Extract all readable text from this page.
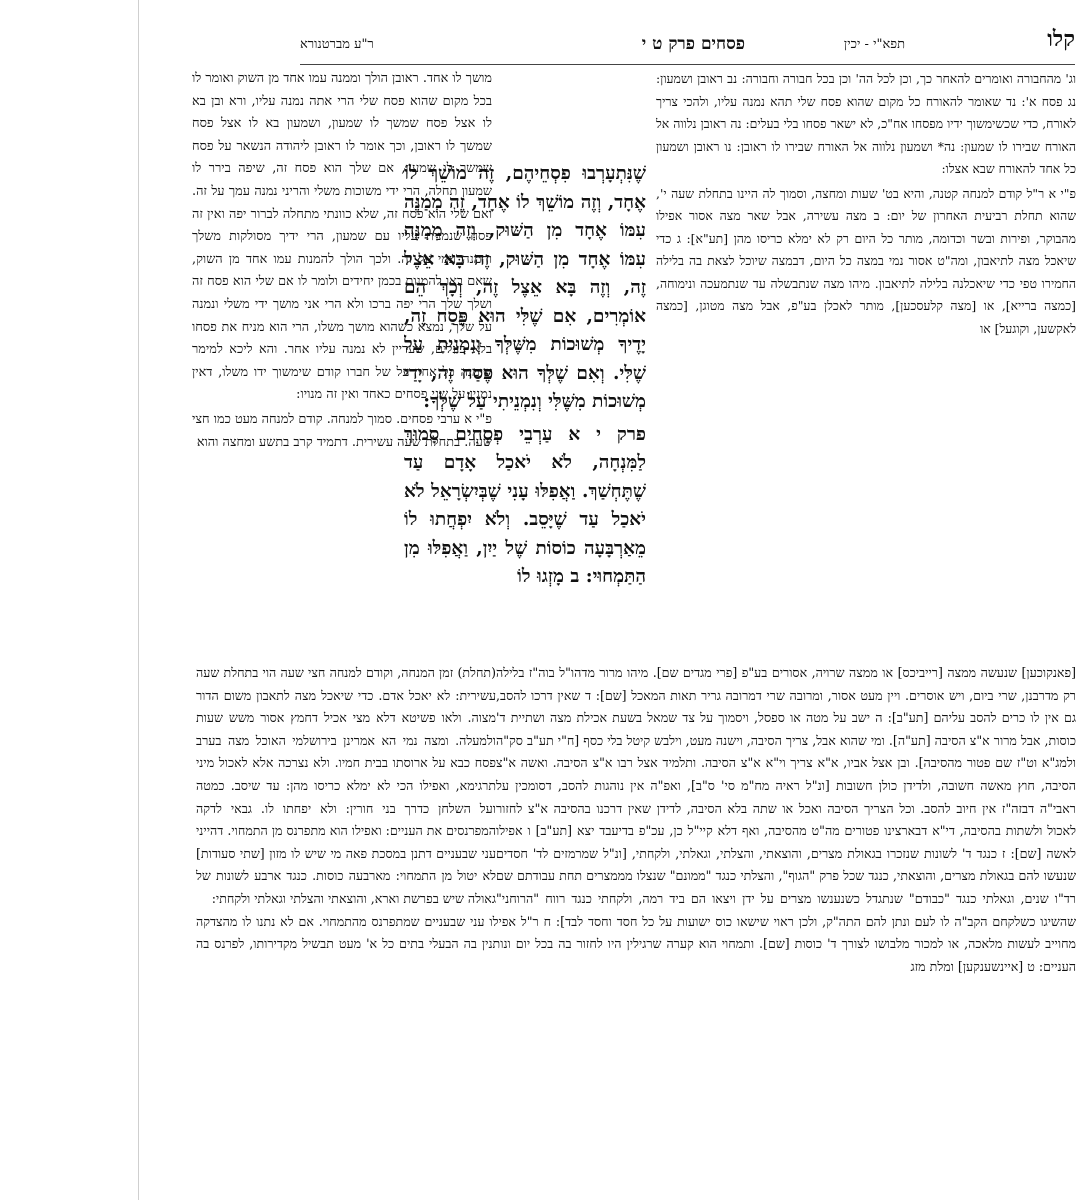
קלו
תפא"י - יכין
פסחים פרק ט י
ר"ע מברטנורא

וג' מהחבורה ואומרים להאחר כך, וכן לכל הה' וכן בכל חבורה וחבורה: נב ראובן ושמעון: נג פסח א': נד שאומר להאורח כל מקום שהוא פסח שלי תהא נמנה עליו, ולהכי צריך לאורח, כדי שכשימשוך ידיו מפסחו אח"כ, לא ישאר פסחו בלי בעלים: נה ראובן נלווה אל האורח שבירו לו שמעון: נה* ושמעון נלווה אל האורח שבירו לו ראובן: נו ראובן ושמעון כל אחד להאורח שבא אצלו:

פ"י א ר"ל קודם למנחה קטנה, והיא בט' שעות ומחצה, וסמוך לה היינו בתחלת שעה י', שהוא תחלת רביעית האחרון של יום: ב מצה עשירה, אבל שאר מצה אסור אפילו מהבוקר, ופירות ובשר וכדומה, מותר כל היום רק לא ימלא כריסו מהן [תע"א]: ג כדי שיאכל מצה לתיאבון, ומה"ט אסור נמי במצה כל היום, דבמצה שיוכל לצאת בה בלילה החמירו טפי כדי שיאכלנה בלילה לתיאבון. מיהו מצה שנתבשלה עד שנתמעכה ונימוחה, [כמצה ברייא], או [מצה קלעסכען], מותר לאכלן בע"פ, אבל מצה מטוגן, [כמצה לאקשען, וקוגעל] או

שֶׁנִּתְעָרְבוּ פִסְחֵיהֶם, זֶה מוֹשֵׁךְ לוֹ אֶחָד, וְזֶה מוֹשֵׁךְ לוֹ אֶחָד, זֶה מְמַנֶּה עִמּוֹ אֶחָד מִן הַשּׁוּק, וְזֶה מְמַנֶּה עִמּוֹ אֶחָד מִן הַשּׁוּק, זֶה בָּא אֵצֶל זֶה, וְזֶה בָּא אֵצֶל זֶה, וְכָךְ הֵם אוֹמְרִים, אִם שֶׁלִּי הוּא פֶּסַח זֶה, יָדֶיךָ מְשׁוּכוֹת מִשֶּׁלְּךָ וְנִמְנֵיתָ עַל שֶׁלִּי. וְאִם שֶׁלְּךָ הוּא פֶּסַח זֶה, יָדַי מְשׁוּכוֹת מִשֶּׁלִּי וְנִמְנֵיתִי עַל שֶׁלְּךָ:

פרק י א עַרְבֵי פְסָחִים סָמוּךְ לַמִּנְחָה, לֹא יֹאכַל אָדָם עַד שֶׁתֶּחְשַׁךְ. וַאֲפִלּוּ עָנִי שֶׁבְּיִשְׂרָאֵל לֹא יֹאכַל עַד שֶׁיָּסֵב. וְלֹא יִפְחֲתוּ לוֹ מֵאַרְבָּעָה כוֹסוֹת שֶׁל יַיִן, וַאֲפִלּוּ מִן הַתַּמְחוּי: ב מָזְגוּ לוֹ

מושך לו אחד. ראובן הולך וממנה עמו אחד מן השוק ואומר לו בכל מקום שהוא פסח שלי הרי אתה נמנה עליו, ורא ובן בא לו אצל פסח שמשך לו שמעון, ושמעון בא לו אצל פסח שמשך לו ראובן, וכך אומר לו ראובן ליהודה הנשאר על פסח שמשך לו שמעון, אם שלך הוא פסח זה, שיפה בירר לו שמעון תחלה, הרי ידי משוכות משלי והריני נמנה עמך על זה. ואם שלי הוא פסח זה, שלא כוונתי מתחלה לברור יפה ואין זה פסח שנמנית עליו עם שמעון, הרי ידיך מסולקות משלך והמנה עמי על זה. ולכך הולך להמנות עמו אחד מן השוק, שאם באו להמנות בכמן יחידים ולומר לו אם שלי הוא פסח זה ושלך שלך הרי יפה ברכו ולא הרי אני מושך ידי משלי ונמנה על שלך, נמצא כשהוא מושך משלו, הרי הוא מניח את פסחו בלא בעלים, שעדיין לא נמנה עליו אחר. והא ליכא למימר שימנה כל אחד על של חברו קודם שימשוך ידו משלו, דאין נמנין על שני פסחים כאחד ואין זה מנויו:

פ"י א ערבי פסחים. סמוך למנחה. קודם למנחה מעט כמו חצי שעה. בתחלת שעה עשירית. דתמיד קרב בתשע ומחצה והוא

(תחלת) זמן המנחה, וקודם למנחה חצי שעה הוי בתחלת שעה עשירית: לא יאכל אדם. כדי שיאכל מצה לתאבון משום הדור מצוה. ולאו פשיטא דלא מצי אכיל דחמץ אסור משש שעות ולמעלה. ומצה נמי הא אמרינן בירושלמי האוכל מצה בערב פסח כבא על ארוסתו בבית חמיו. ולא נצרכה אלא לאכול מיני תרגימא, ואפילו הכי לא ימלא כריסו מהן: עד שיסב. כמטה ועל השלחן כדרך בני חורין: ולא יפחתו לו. גבאי לדקה המפרנסים את העניים: ואפילו הוא מתפרנס מן התמחוי. דהייני עני שבעניים דתנן במסכת פאה מי שיש לו מזון [שתי סעודות] לא יטול מן התמחוי: מארבעה כוסות. כנגד ארבע לשונות של גאולה שיש בפרשת וארא, והוצאתי והצלתי וגאלתי ולקחתי:

[פאנקוכען] שנעשה ממצה [רייביכס] או ממצה שרויה, אסורים בע"פ [פרי מגדים שם]. מיהו מרור מדהו"ל בוה"ז בלילה רק מדרבנן, שרי ביום, ויש אוסרים. ויין מעט אסור, ומרובה שרי דמרובה גריר תאות המאכל [שם]: ד שאין דרכו להסב, גם אין לו כרים להסב עליהם [תע"ב]: ה ישב על מטה או ספסל, ויסמוך על צד שמאל בשעת אכילת מצה ושתיית ד' כוסות, אבל מרור א"צ הסיבה [תע"ה]. ומי שהוא אבל, צריך הסיבה, וישנה מעט, וילבש קיטל בלי כסף [ח"י תע"ב סק"ה ולמג"א וט"ז שם פטור מהסיבה]. ובן אצל אביו, א"א צריך וי"א א"צ הסיבה. ותלמיד אצל רבו א"צ הסיבה. ואשה א"צ הסיבה, חוץ מאשה חשובה, ולדידן כולן חשובות [ונ"ל ראיה מח"מ סי' ס"ב], ואפ"ה אין נוהגות להסב, דסומכין על ראבי"ה דבזה"ז אין חיוב להסב. וכל הצריך הסיבה ואכל או שתה בלא הסיבה, לדידן שאין דרכנו בהסיבה א"צ לחזור לאכול ולשתות בהסיבה, די"א דבארצינו פטורים מה"ט מהסיבה, ואף דלא קיי"ל כן, עכ"פ בדיעבד יצא [תע"ב] ו אפילו לאשה [שם]: ז כנגד ד' לשונות שנזכרו בגאולת מצרים, והוצאתי, והצלתי, וגאלתי, ולקחתי, [ונ"ל שמרמזים לד' חסדים שנעשו להם בגאולת מצרים, והוצאתי, כנגד שכל פרק "הגוף", והצלתי כנגד "ממונם" שנצלו מממצרים תחת עבודתם שם רד"ו שנים, וגאלתי כנגד "כבודם" שנתגדל כשנענשו מצרים על ידן ויצאו הם ביד רמה, ולקחתי כנגד רווח "הרוחני" שהשיגו כשלקחם הקב"ה לו לעם ונתן להם התה"ק, ולכן ראוי שישאו כוס ישועות על כל חסד וחסד לבד]: ח ר"ל אפילו עני שבעניים שמתפרנס מהתמחוי. אם לא נתנו לו מהצדקה מחוייב לעשות מלאכה, או למכור מלבושו לצורך ד' כוסות [שם]. ותמחוי הוא קערה שרגילין היו לחזור בה בכל יום ונותנין בה הבעלי בתים כל א' מעט תבשיל מקדירותו, לפרנס בה העניים: ט [איינשענקען] ומלת מזג
